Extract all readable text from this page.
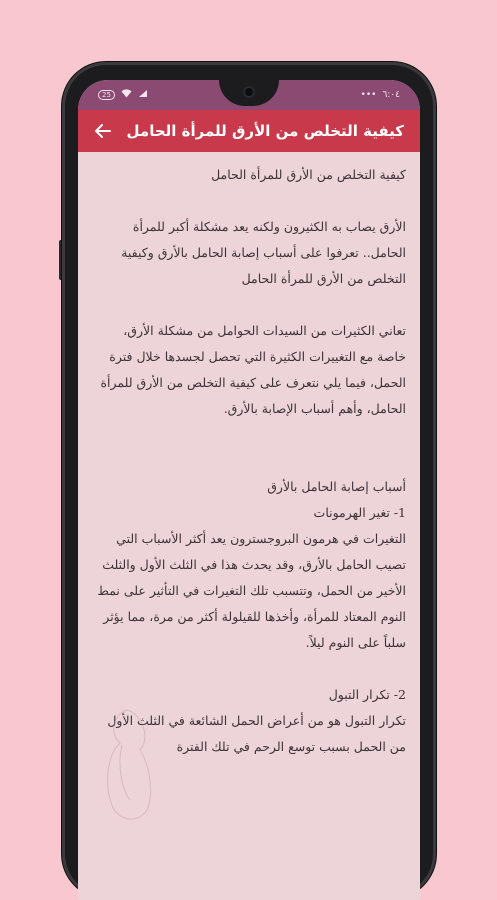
25	••• ٦:٠٤
كيفية التخلص من الأرق للمرأة الحامل

كيفية التخلص من الأرق للمرأة الحامل

الأرق يصاب به الكثيرون ولكنه يعد مشكلة أكبر للمرأة الحامل.. تعرفوا على أسباب إصابة الحامل بالأرق وكيفية التخلص من الأرق للمرأة الحامل

تعاني الكثيرات من السيدات الحوامل من مشكلة الأرق، خاصة مع التغييرات الكثيرة التي تحصل لجسدها خلال فترة الحمل، فيما يلي نتعرف على كيفية التخلص من الأرق للمرأة الحامل، وأهم أسباب الإصابة بالأرق.

أسباب إصابة الحامل بالأرق

1- تغير الهرمونات

التغيرات في هرمون البروجسترون يعد أكثر الأسباب التي تصيب الحامل بالأرق، وقد يحدث هذا في الثلث الأول والثلث الأخير من الحمل، وتتسبب تلك التغيرات في التأثير على نمط النوم المعتاد للمرأة، وأخذها للقيلولة أكثر من مرة، مما يؤثر سلباً على النوم ليلاً.

2- تكرار التبول

تكرار التبول هو من أعراض الحمل الشائعة في الثلث الأول من الحمل بسبب توسع الرحم في تلك الفترة
